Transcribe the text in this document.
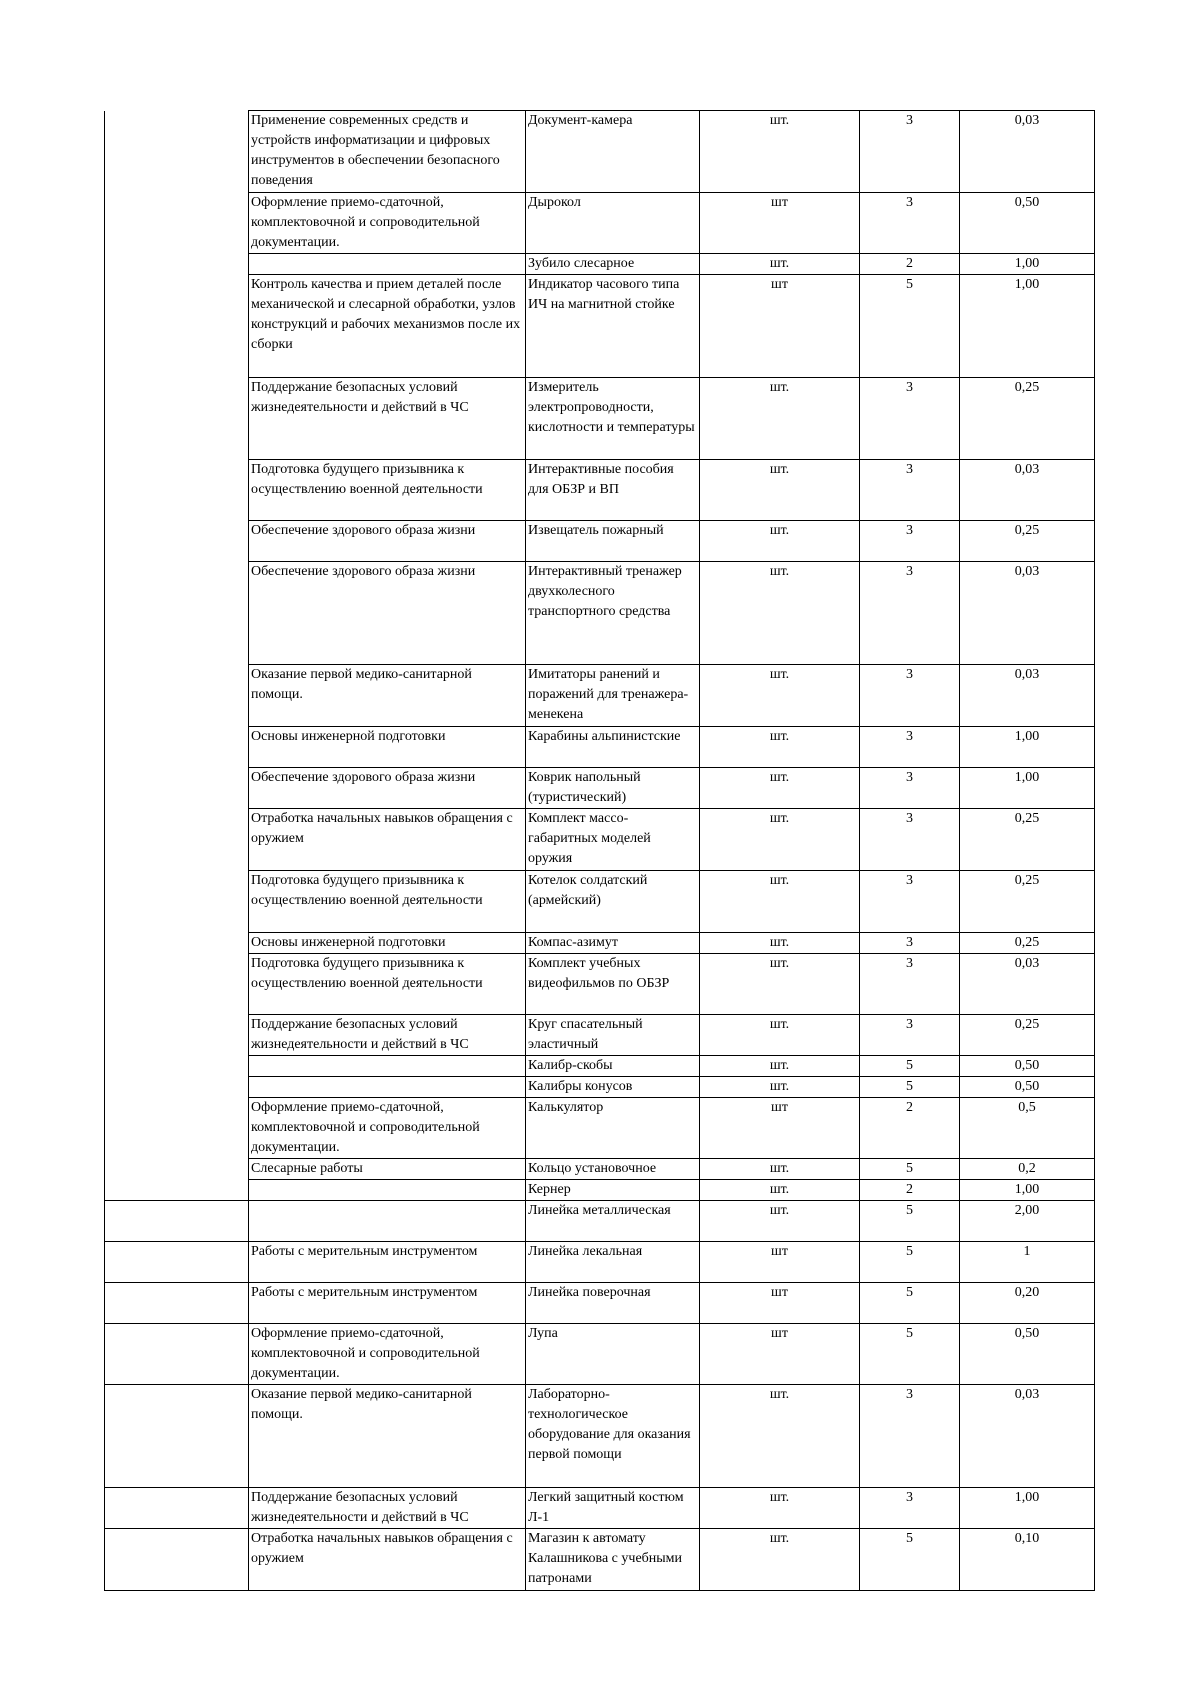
	Применение современных средств и устройств информатизации и цифровых инструментов в обеспечении безопасного поведения	Документ-камера	шт.	3	0,03
	Оформление приемо-сдаточной, комплектовочной и сопроводительной документации.	Дырокол	шт	3	0,50
		Зубило слесарное	шт.	2	1,00
	Контроль качества и прием деталей после механической и слесарной обработки, узлов конструкций и рабочих механизмов после их сборки	Индикатор часового типа ИЧ на магнитной стойке	шт	5	1,00
	Поддержание безопасных условий жизнедеятельности и действий в ЧС	Измеритель электропроводности, кислотности и температуры	шт.	3	0,25
	Подготовка будущего призывника к осуществлению военной деятельности	Интерактивные пособия для ОБЗР и ВП	шт.	3	0,03
	Обеспечение здорового образа жизни	Извещатель пожарный	шт.	3	0,25
	Обеспечение здорового образа жизни	Интерактивный тренажер двухколесного транспортного средства	шт.	3	0,03
	Оказание первой медико-санитарной помощи.	Имитаторы ранений и поражений для тренажера-менекена	шт.	3	0,03
	Основы инженерной подготовки	Карабины альпинистские	шт.	3	1,00
	Обеспечение здорового образа жизни	Коврик напольный (туристический)	шт.	3	1,00
	Отработка начальных навыков обращения с оружием	Комплект массо-габаритных моделей оружия	шт.	3	0,25
	Подготовка будущего призывника к осуществлению военной деятельности	Котелок солдатский (армейский)	шт.	3	0,25
	Основы инженерной подготовки	Компас-азимут	шт.	3	0,25
	Подготовка будущего призывника к осуществлению военной деятельности	Комплект учебных видеофильмов по ОБЗР	шт.	3	0,03
	Поддержание безопасных условий жизнедеятельности и действий в ЧС	Круг спасательный эластичный	шт.	3	0,25
		Калибр-скобы	шт.	5	0,50
		Калибры конусов	шт.	5	0,50
	Оформление приемо-сдаточной, комплектовочной и сопроводительной документации.	Калькулятор	шт	2	0,5
	Слесарные работы	Кольцо установочное	шт.	5	0,2
		Кернер	шт.	2	1,00
		Линейка металлическая	шт.	5	2,00
	Работы с мерительным инструментом	Линейка лекальная	шт	5	1
	Работы с мерительным инструментом	Линейка поверочная	шт	5	0,20
	Оформление приемо-сдаточной, комплектовочной и сопроводительной документации.	Лупа	шт	5	0,50
	Оказание первой медико-санитарной помощи.	Лабораторно-технологическое оборудование для оказания первой помощи	шт.	3	0,03
	Поддержание безопасных условий жизнедеятельности и действий в ЧС	Легкий защитный костюм Л-1	шт.	3	1,00
	Отработка начальных навыков обращения с оружием	Магазин к автомату Калашникова с учебными патронами	шт.	5	0,10
